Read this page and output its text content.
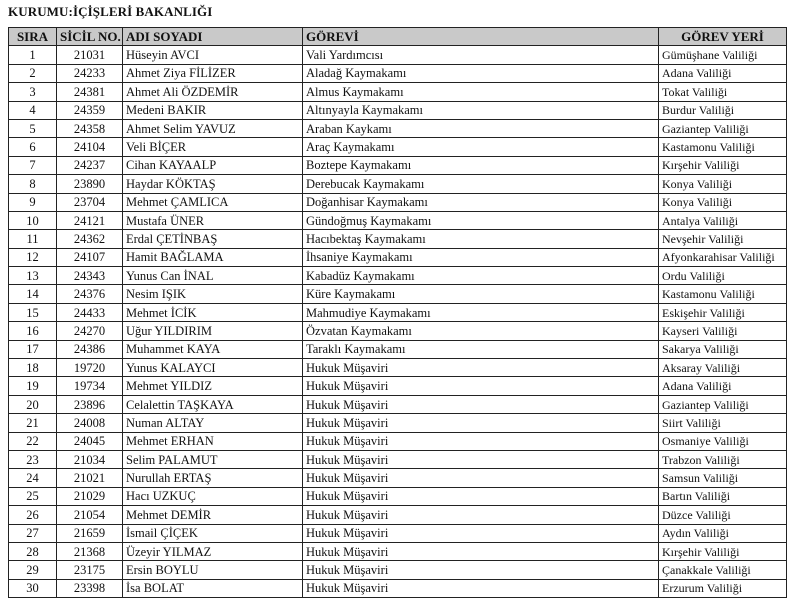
KURUMU:İÇİŞLERİ BAKANLIĞI
SIRA	SİCİL NO.	ADI SOYADI	GÖREVİ	GÖREV YERİ
1	21031	Hüseyin AVCI	Vali Yardımcısı	Gümüşhane Valiliği
2	24233	Ahmet Ziya FİLİZER	Aladağ Kaymakamı	Adana Valiliği
3	24381	Ahmet Ali ÖZDEMİR	Almus Kaymakamı	Tokat Valiliği
4	24359	Medeni BAKIR	Altınyayla Kaymakamı	Burdur Valiliği
5	24358	Ahmet Selim YAVUZ	Araban Kaykamı	Gaziantep Valiliği
6	24104	Veli BİÇER	Araç Kaymakamı	Kastamonu Valiliği
7	24237	Cihan KAYAALP	Boztepe Kaymakamı	Kırşehir Valiliği
8	23890	Haydar KÖKTAŞ	Derebucak Kaymakamı	Konya Valiliği
9	23704	Mehmet ÇAMLICA	Doğanhisar Kaymakamı	Konya Valiliği
10	24121	Mustafa ÜNER	Gündoğmuş Kaymakamı	Antalya Valiliği
11	24362	Erdal ÇETİNBAŞ	Hacıbektaş Kaymakamı	Nevşehir Valiliği
12	24107	Hamit BAĞLAMA	İhsaniye Kaymakamı	Afyonkarahisar Valiliği
13	24343	Yunus Can İNAL	Kabadüz Kaymakamı	Ordu Valiliği
14	24376	Nesim IŞIK	Küre Kaymakamı	Kastamonu Valiliği
15	24433	Mehmet İCİK	Mahmudiye Kaymakamı	Eskişehir Valiliği
16	24270	Uğur YILDIRIM	Özvatan Kaymakamı	Kayseri Valiliği
17	24386	Muhammet KAYA	Taraklı Kaymakamı	Sakarya Valiliği
18	19720	Yunus KALAYCI	Hukuk Müşaviri	Aksaray Valiliği
19	19734	Mehmet YILDIZ	Hukuk Müşaviri	Adana Valiliği
20	23896	Celalettin TAŞKAYA	Hukuk Müşaviri	Gaziantep Valiliği
21	24008	Numan ALTAY	Hukuk Müşaviri	Siirt Valiliği
22	24045	Mehmet ERHAN	Hukuk Müşaviri	Osmaniye Valiliği
23	21034	Selim PALAMUT	Hukuk Müşaviri	Trabzon Valiliği
24	21021	Nurullah ERTAŞ	Hukuk Müşaviri	Samsun Valiliği
25	21029	Hacı UZKUÇ	Hukuk Müşaviri	Bartın Valiliği
26	21054	Mehmet DEMİR	Hukuk Müşaviri	Düzce Valiliği
27	21659	İsmail ÇİÇEK	Hukuk Müşaviri	Aydın Valiliği
28	21368	Üzeyir YILMAZ	Hukuk Müşaviri	Kırşehir Valiliği
29	23175	Ersin BOYLU	Hukuk Müşaviri	Çanakkale Valiliği
30	23398	İsa BOLAT	Hukuk Müşaviri	Erzurum Valiliği
